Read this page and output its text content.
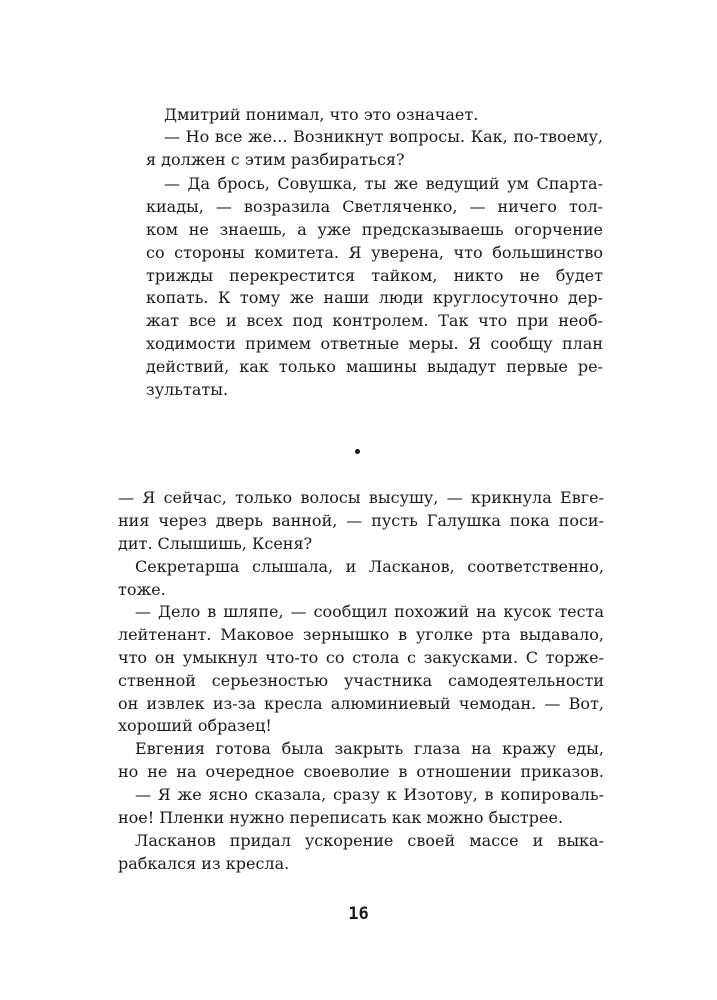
Дмитрий понимал, что это означает.
— Но все же... Возникнут вопросы. Как, по-твоему,
я должен с этим разбираться?
— Да брось, Совушка, ты же ведущий ум Спарта-
киады, — возразила Светляченко, — ничего тол-
ком не знаешь, а уже предсказываешь огорчение
со стороны комитета. Я уверена, что большинство
трижды перекрестится тайком, никто не будет
копать. К тому же наши люди круглосуточно дер-
жат все и всех под контролем. Так что при необ-
ходимости примем ответные меры. Я сообщу план
действий, как только машины выдадут первые ре-
зультаты.
— Я сейчас, только волосы высушу, — крикнула Евге-
ния через дверь ванной, — пусть Галушка пока поси-
дит. Слышишь, Ксеня?
Секретарша слышала, и Ласканов, соответственно,
тоже.
— Дело в шляпе, — сообщил похожий на кусок теста
лейтенант. Маковое зернышко в уголке рта выдавало,
что он умыкнул что-то со стола с закусками. С торже-
ственной серьезностью участника самодеятельности
он извлек из-за кресла алюминиевый чемодан. — Вот,
хороший образец!
Евгения готова была закрыть глаза на кражу еды,
но не на очередное своеволие в отношении приказов.
— Я же ясно сказала, сразу к Изотову, в копироваль-
ное! Пленки нужно переписать как можно быстрее.
Ласканов придал ускорение своей массе и выка-
рабкался из кресла.
16
